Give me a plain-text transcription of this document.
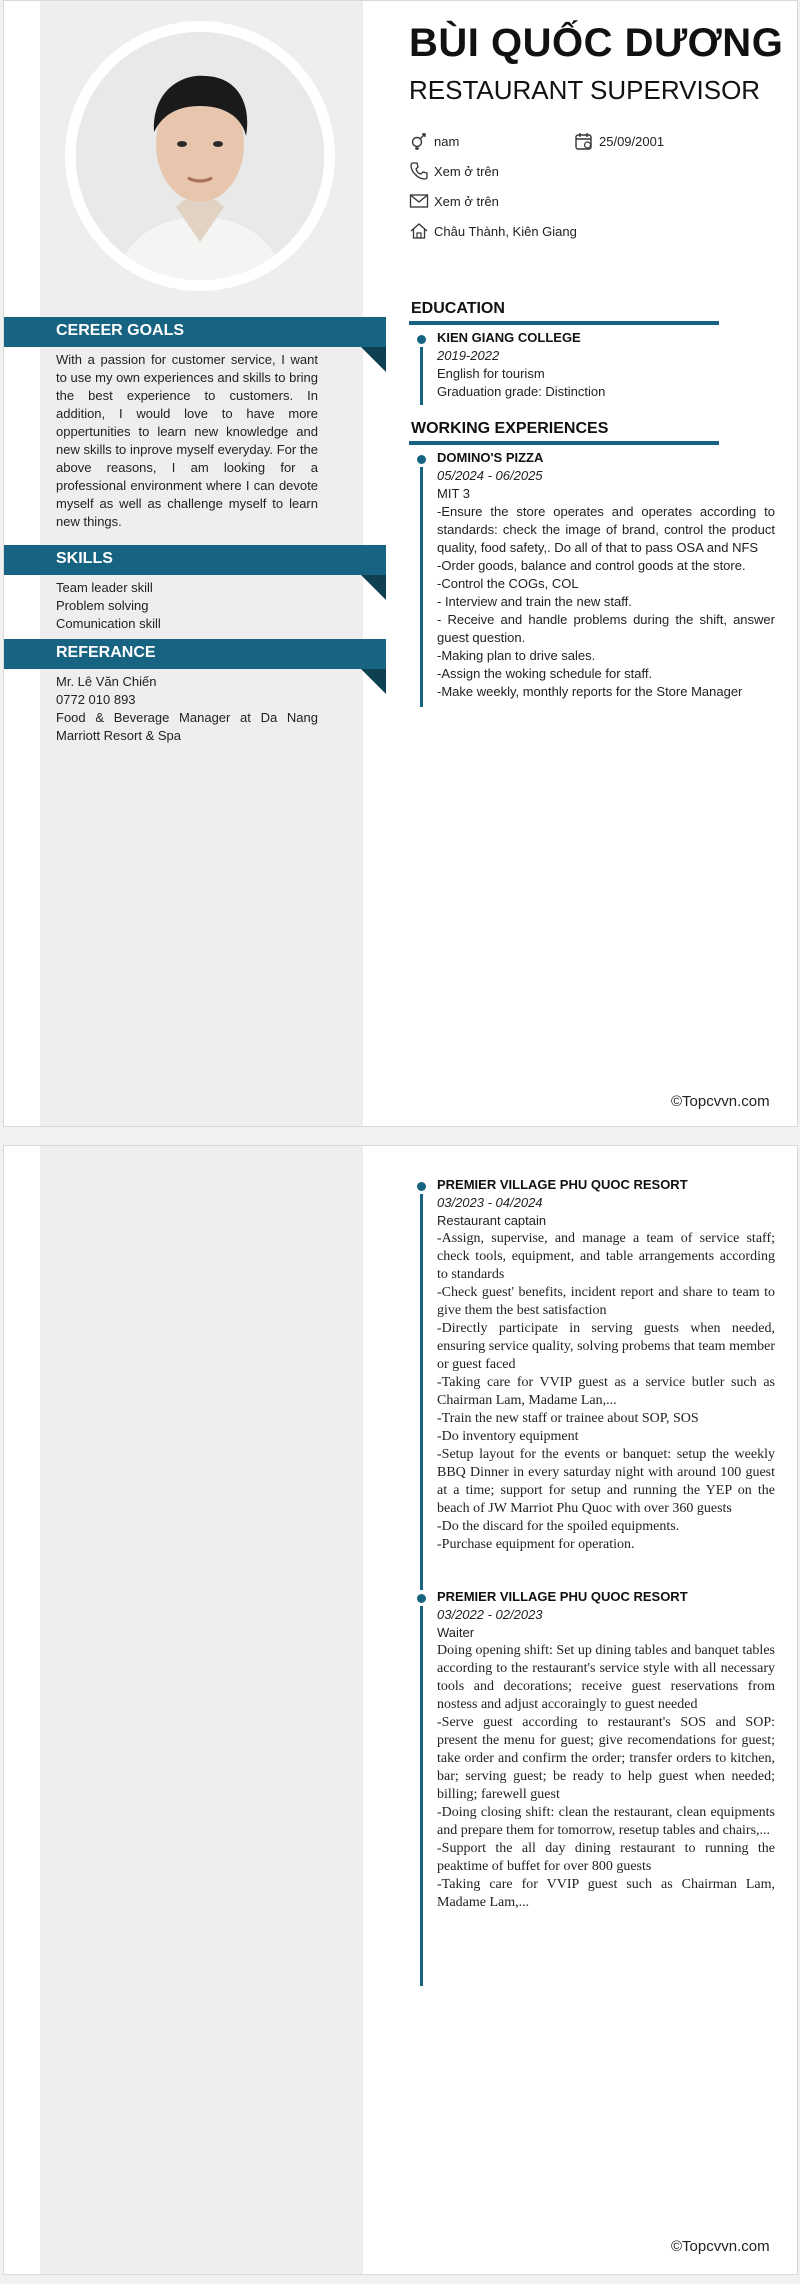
BÙI QUỐC DƯƠNG
RESTAURANT SUPERVISOR
nam	25/09/2001
Xem ở trên
Xem ở trên
Châu Thành, Kiên Giang
CEREER GOALS
With a passion for customer service, I want to use my own experiences and skills to bring the best experience to customers. In addition, I would love to have more oppertunities to learn new knowledge and new skills to inprove myself everyday. For the above reasons, I am looking for a professional environment where I can devote myself as well as challenge myself to learn new things.
SKILLS
Team leader skill
Problem solving
Comunication skill
REFERANCE
Mr. Lê Văn Chiến
0772 010 893
Food & Beverage Manager at Da Nang Marriott Resort & Spa
EDUCATION
KIEN GIANG COLLEGE
2019-2022
English for tourism
Graduation grade: Distinction
WORKING EXPERIENCES
DOMINO'S PIZZA
05/2024 - 06/2025
MIT 3
-Ensure the store operates and operates according to standards: check the image of brand, control the product quality, food safety,. Do all of that to pass OSA and NFS
-Order goods, balance and control goods at the store.
-Control the COGs, COL
- Interview and train the new staff.
- Receive and handle problems during the shift, answer guest question.
-Making plan to drive sales.
-Assign the woking schedule for staff.
-Make weekly, monthly reports for the Store Manager
©Topcvvn.com
PREMIER VILLAGE PHU QUOC RESORT
03/2023 - 04/2024
Restaurant captain
-Assign, supervise, and manage a team of service staff; check tools, equipment, and table arrangements according to standards
-Check guest' benefits, incident report and share to team to give them the best satisfaction
-Directly participate in serving guests when needed, ensuring service quality, solving probems that team member or guest faced
-Taking care for VVIP guest as a service butler such as Chairman Lam, Madame Lan,...
-Train the new staff or trainee about SOP, SOS
-Do inventory equipment
-Setup layout for the events or banquet: setup the weekly BBQ Dinner in every saturday night with around 100 guest at a time; support for setup and running the YEP on the beach of JW Marriot Phu Quoc with over 360 guests
-Do the discard for the spoiled equipments.
-Purchase equipment for operation.
PREMIER VILLAGE PHU QUOC RESORT
03/2022 - 02/2023
Waiter
Doing opening shift: Set up dining tables and banquet tables according to the restaurant's service style with all necessary tools and decorations; receive guest reservations from nostess and adjust accoraingly to guest needed
-Serve guest according to restaurant's SOS and SOP: present the menu for guest; give recomendations for guest; take order and confirm the order; transfer orders to kitchen, bar; serving guest; be ready to help guest when needed; billing; farewell guest
-Doing closing shift: clean the restaurant, clean equipments and prepare them for tomorrow, resetup tables and chairs,...
-Support the all day dining restaurant to running the peaktime of buffet for over 800 guests
-Taking care for VVIP guest such as Chairman Lam, Madame Lam,...
©Topcvvn.com
